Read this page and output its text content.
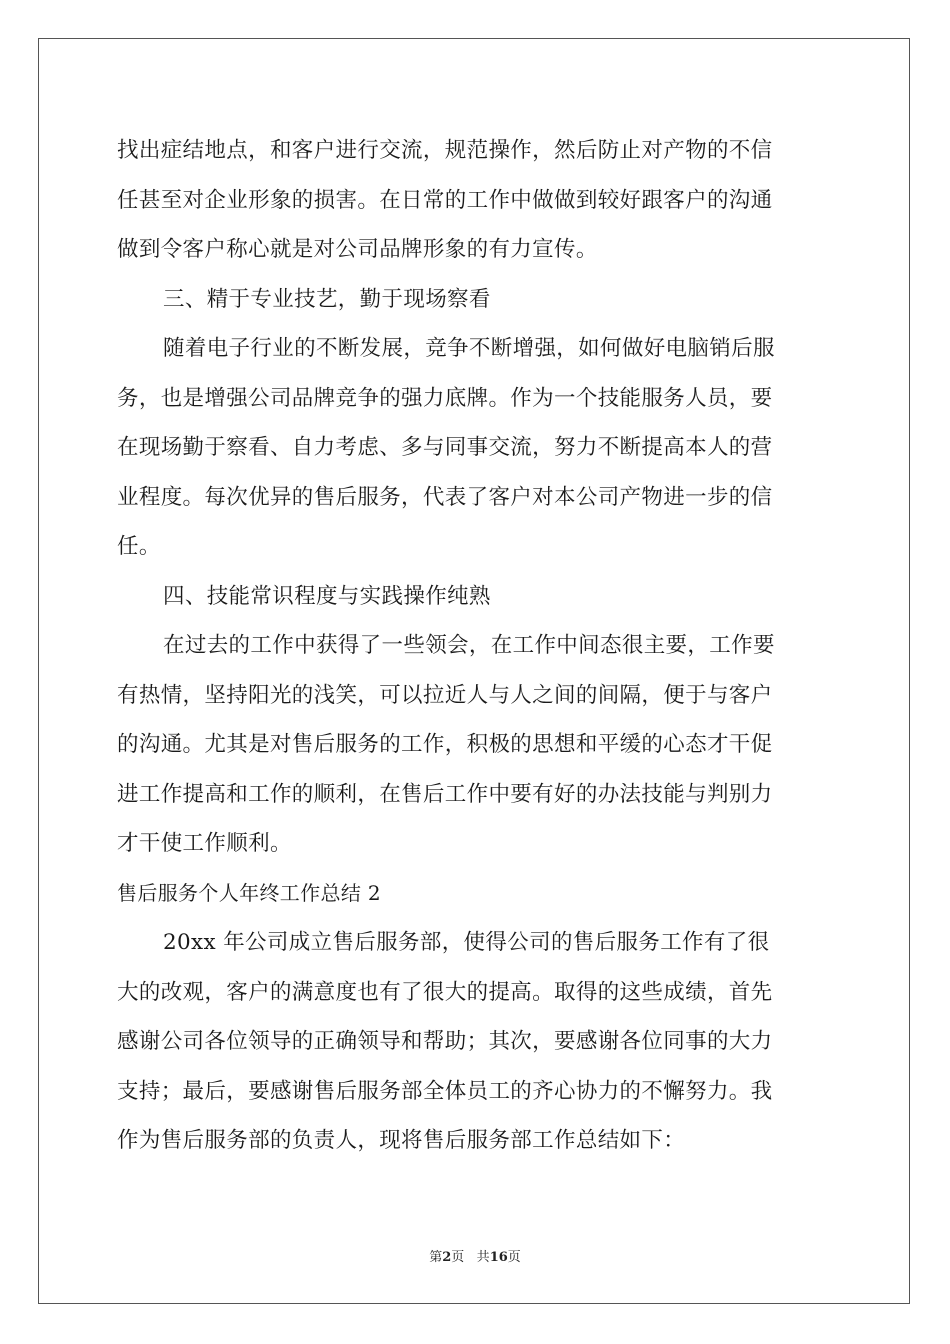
找出症结地点，和客户进行交流，规范操作，然后防止对产物的不信
任甚至对企业形象的损害。在日常的工作中做做到较好跟客户的沟通
做到令客户称心就是对公司品牌形象的有力宣传。
三、精于专业技艺，勤于现场察看
随着电子行业的不断发展，竞争不断增强，如何做好电脑销后服
务，也是增强公司品牌竞争的强力底牌。作为一个技能服务人员，要
在现场勤于察看、自力考虑、多与同事交流，努力不断提高本人的营
业程度。每次优异的售后服务，代表了客户对本公司产物进一步的信
任。
四、技能常识程度与实践操作纯熟
在过去的工作中获得了一些领会，在工作中间态很主要，工作要
有热情，坚持阳光的浅笑，可以拉近人与人之间的间隔，便于与客户
的沟通。尤其是对售后服务的工作，积极的思想和平缓的心态才干促
进工作提高和工作的顺利，在售后工作中要有好的办法技能与判别力
才干使工作顺利。
售后服务个人年终工作总结 2
20xx 年公司成立售后服务部，使得公司的售后服务工作有了很
大的改观，客户的满意度也有了很大的提高。取得的这些成绩，首先
感谢公司各位领导的正确领导和帮助；其次，要感谢各位同事的大力
支持；最后，要感谢售后服务部全体员工的齐心协力的不懈努力。我
作为售后服务部的负责人，现将售后服务部工作总结如下：
第2页 共16页
